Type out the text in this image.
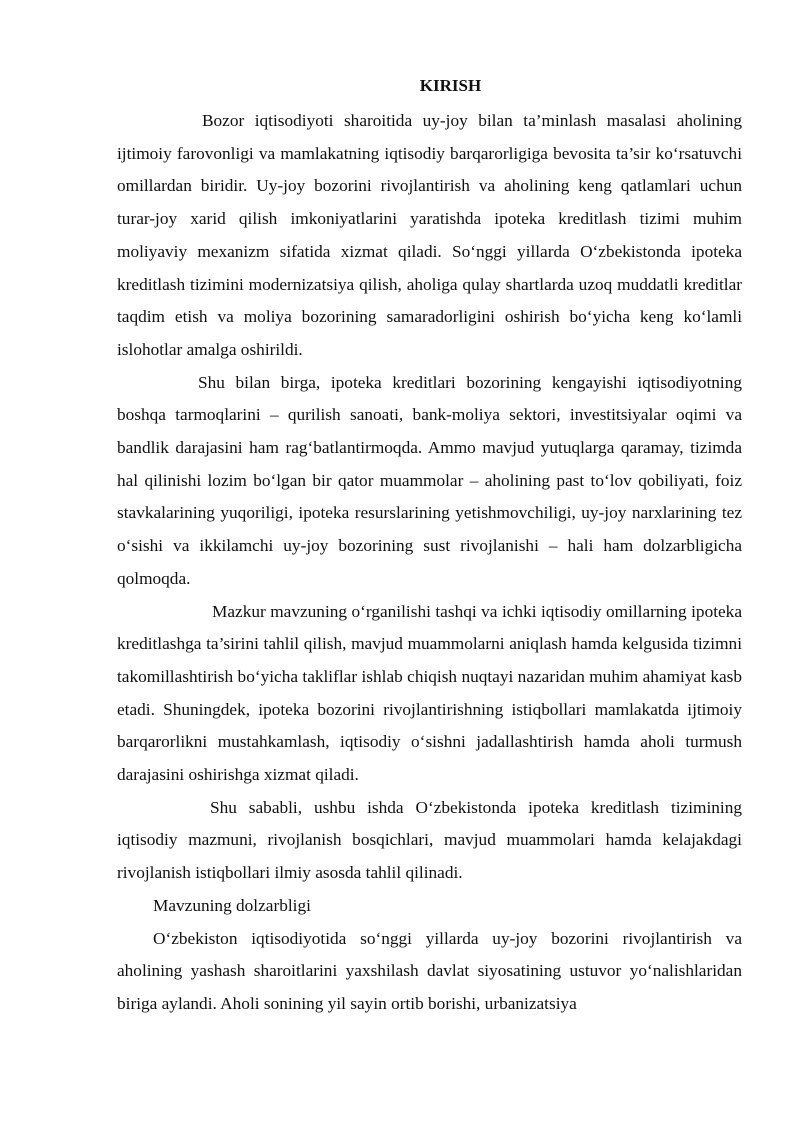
KIRISH

Bozor iqtisodiyoti sharoitida uy-joy bilan ta’minlash masalasi aholining ijtimoiy farovonligi va mamlakatning iqtisodiy barqarorligiga bevosita ta’sir ko‘rsatuvchi omillardan biridir. Uy-joy bozorini rivojlantirish va aholining keng qatlamlari uchun turar-joy xarid qilish imkoniyatlarini yaratishda ipoteka kreditlash tizimi muhim moliyaviy mexanizm sifatida xizmat qiladi. So‘nggi yillarda O‘zbekistonda ipoteka kreditlash tizimini modernizatsiya qilish, aholiga qulay shartlarda uzoq muddatli kreditlar taqdim etish va moliya bozorining samaradorligini oshirish bo‘yicha keng ko‘lamli islohotlar amalga oshirildi.

Shu bilan birga, ipoteka kreditlari bozorining kengayishi iqtisodiyotning boshqa tarmoqlarini – qurilish sanoati, bank-moliya sektori, investitsiyalar oqimi va bandlik darajasini ham rag‘batlantirmoqda. Ammo mavjud yutuqlarga qaramay, tizimda hal qilinishi lozim bo‘lgan bir qator muammolar – aholining past to‘lov qobiliyati, foiz stavkalarining yuqoriligi, ipoteka resurslarining yetishmovchiligi, uy-joy narxlarining tez o‘sishi va ikkilamchi uy-joy bozorining sust rivojlanishi – hali ham dolzarbligicha qolmoqda.

Mazkur mavzuning o‘rganilishi tashqi va ichki iqtisodiy omillarning ipoteka kreditlashga ta’sirini tahlil qilish, mavjud muammolarni aniqlash hamda kelgusida tizimni takomillashtirish bo‘yicha takliflar ishlab chiqish nuqtayi nazaridan muhim ahamiyat kasb etadi. Shuningdek, ipoteka bozorini rivojlantirishning istiqbollari mamlakatda ijtimoiy barqarorlikni mustahkamlash, iqtisodiy o‘sishni jadallashtirish hamda aholi turmush darajasini oshirishga xizmat qiladi.

Shu sababli, ushbu ishda O‘zbekistonda ipoteka kreditlash tizimining iqtisodiy mazmuni, rivojlanish bosqichlari, mavjud muammolari hamda kelajakdagi rivojlanish istiqbollari ilmiy asosda tahlil qilinadi.

Mavzuning dolzarbligi

O‘zbekiston iqtisodiyotida so‘nggi yillarda uy-joy bozorini rivojlantirish va aholining yashash sharoitlarini yaxshilash davlat siyosatining ustuvor yo‘nalishlaridan biriga aylandi. Aholi sonining yil sayin ortib borishi, urbanizatsiya
